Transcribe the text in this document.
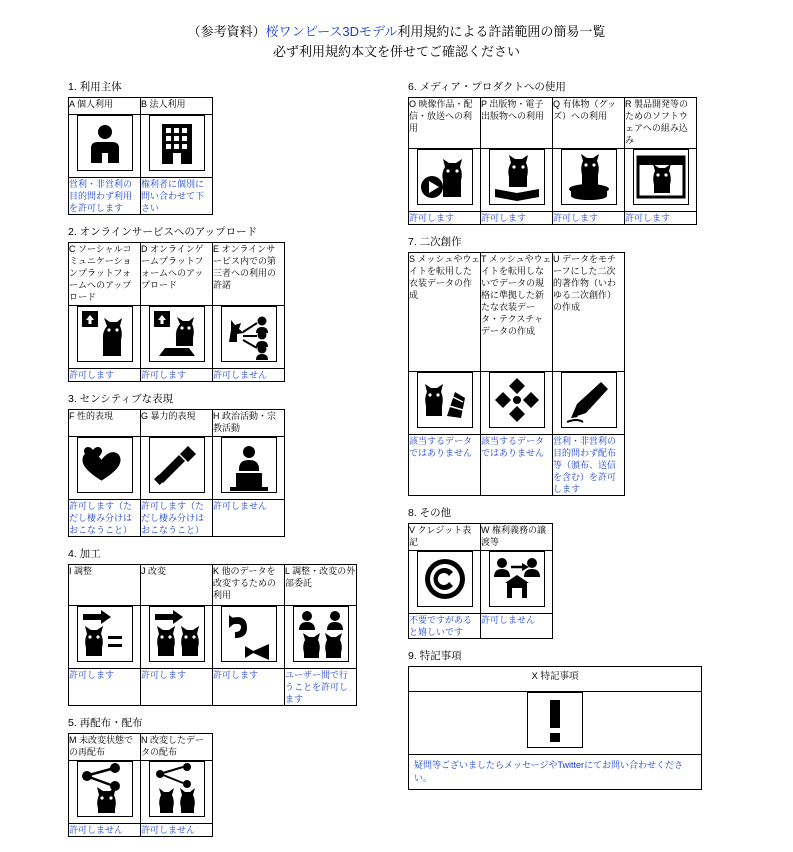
（参考資料）桜ワンピース3Dモデル利用規約による許諾範囲の簡易一覧
必ず利用規約本文を併せてご確認ください
1. 利用主体
A 個人利用	B 法人利用

営利・非営利の目的問わず利用を許可します	権利者に個別に問い合わせて下さい
2. オンラインサービスへのアップロード
C ソーシャルコミュニケーションプラットフォームへのアップロード	D オンラインゲームプラットフォームへのアップロード	E オンラインサービス内での第三者への利用の許諾

許可します	許可します	許可しません
3. センシティブな表現
F 性的表現	G 暴力的表現	H 政治活動・宗教活動

許可します（ただし棲み分けはおこなうこと）	許可します（ただし棲み分けはおこなうこと）	許可しません
4. 加工
I 調整	J 改変	K 他のデータを改変するための利用	L 調整・改変の外部委託

許可します	許可します	許可します	ユーザー間で行うことを許可します
5. 再配布・配布
M 未改変状態での再配布	N 改変したデータの配布

許可しません	許可しません
6. メディア・プロダクトへの使用
O 映像作品・配信・放送への利用	P 出版物・電子出版物への利用	Q 有体物（グッズ）への利用	R 製品開発等のためのソフトウェアへの組み込み

許可します	許可します	許可します	許可します
7. 二次創作
S メッシュやウェイトを転用した衣装データの作成	T メッシュやウェイトを転用しないでデータの規格に準拠した新たな衣装データ・テクスチャデータの作成	U データをモチーフにした二次的著作物（いわゆる二次創作）の作成

該当するデータではありません	該当するデータではありません	営利・非営利の目的問わず配布等（頒布、送信を含む）を許可します
8. その他
V クレジット表記	W 権利義務の譲渡等

不要ですがあると嬉しいです	許可しません
9. 特記事項
X 特記事項

疑問等ございましたらメッセージやTwitterにてお問い合わせください。
